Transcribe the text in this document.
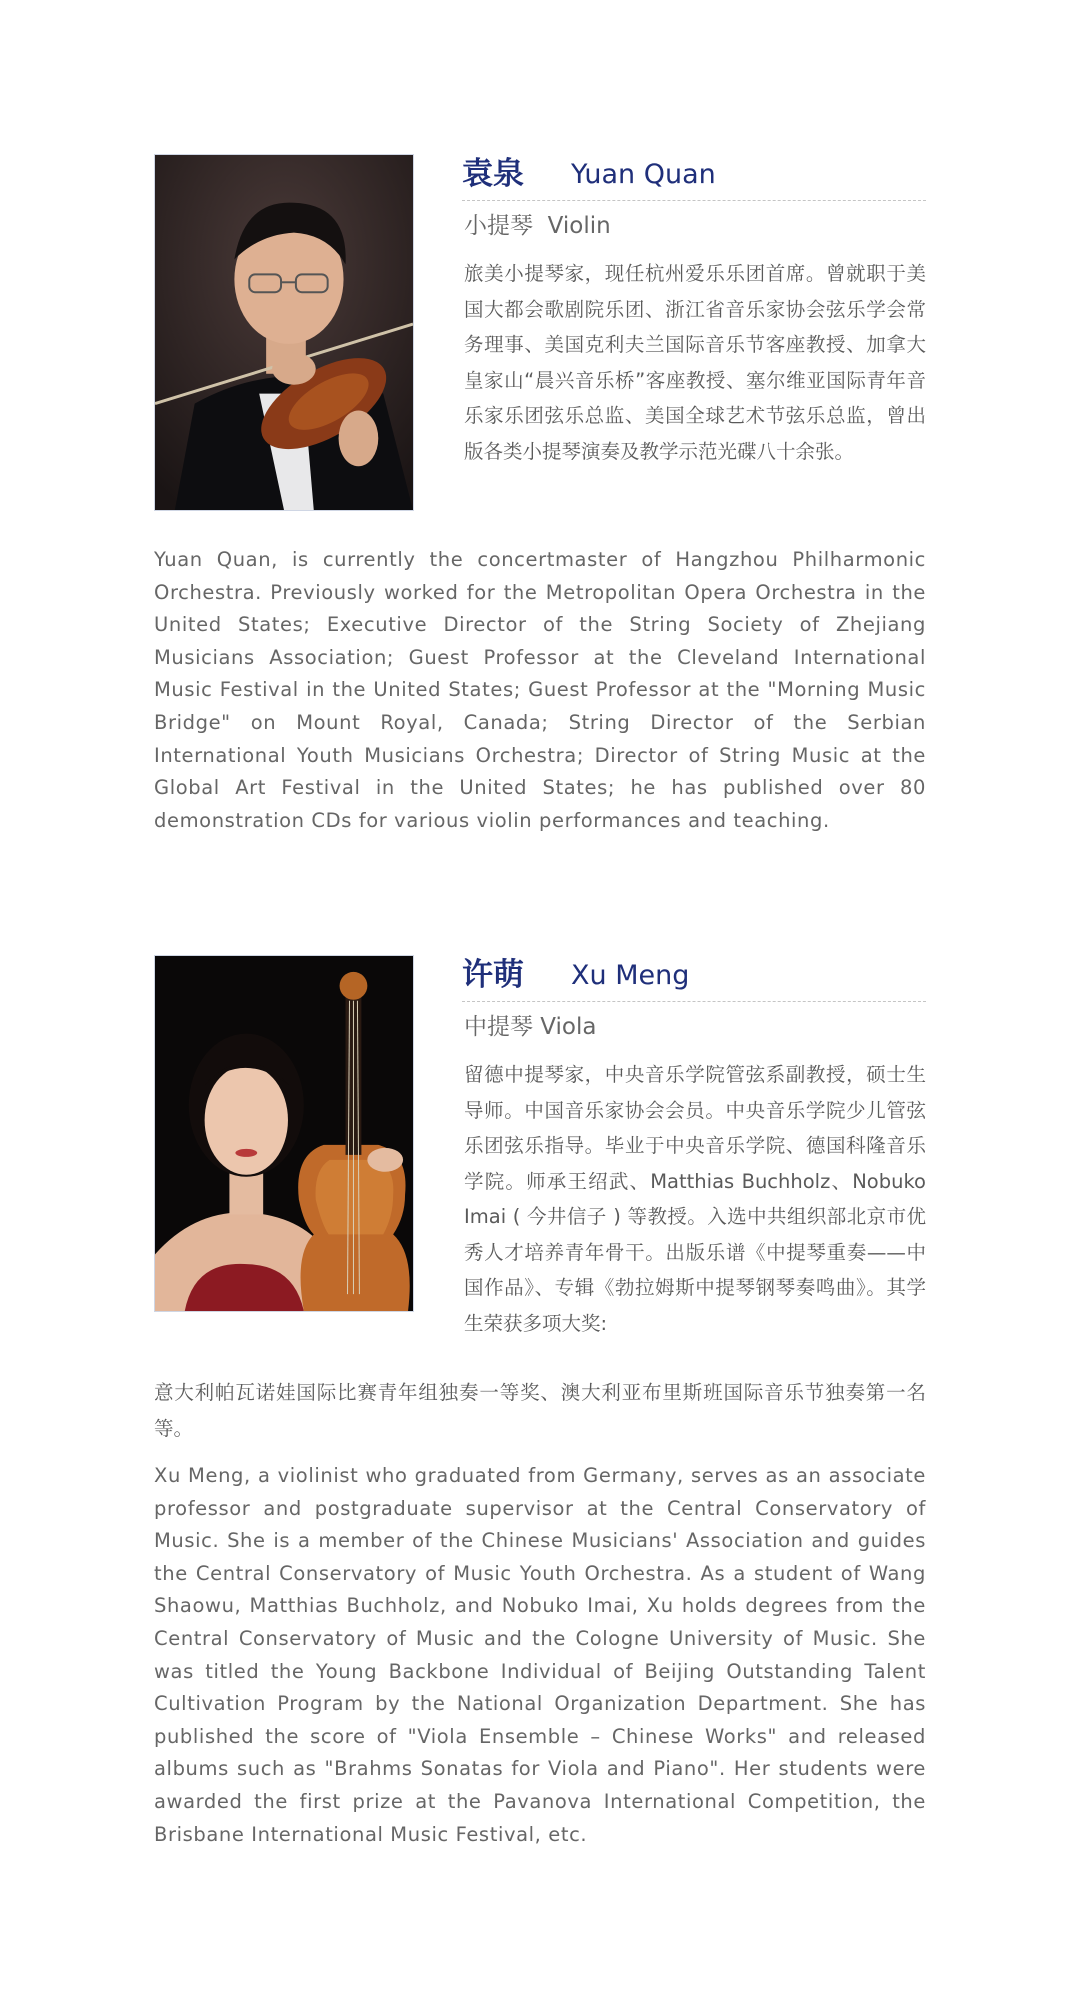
袁泉 Yuan Quan
小提琴  Violin

旅美小提琴家，现任杭州爱乐乐团首席。曾就职于美国大都会歌剧院乐团、浙江省音乐家协会弦乐学会常务理事、美国克利夫兰国际音乐节客座教授、加拿大皇家山“晨兴音乐桥”客座教授、塞尔维亚国际青年音乐家乐团弦乐总监、美国全球艺术节弦乐总监，曾出版各类小提琴演奏及教学示范光碟八十余张。

Yuan Quan, is currently the concertmaster of Hangzhou Philharmonic Orchestra. Previously worked for the Metropolitan Opera Orchestra in the United States; Executive Director of the String Society of Zhejiang Musicians Association; Guest Professor at the Cleveland International Music Festival in the United States; Guest Professor at the "Morning Music Bridge" on Mount Royal, Canada; String Director of the Serbian International Youth Musicians Orchestra; Director of String Music at the Global Art Festival in the United States; he has published over 80 demonstration CDs for various violin performances and teaching.

许萌 Xu Meng
中提琴 Viola

留德中提琴家，中央音乐学院管弦系副教授，硕士生导师。中国音乐家协会会员。中央音乐学院少儿管弦乐团弦乐指导。毕业于中央音乐学院、德国科隆音乐学院。师承王绍武、Matthias Buchholz、Nobuko Imai ( 今井信子 ) 等教授。入选中共组织部北京市优秀人才培养青年骨干。出版乐谱《中提琴重奏——中国作品》、专辑《勃拉姆斯中提琴钢琴奏鸣曲》。其学生荣获多项大奖:

意大利帕瓦诺娃国际比赛青年组独奏一等奖、澳大利亚布里斯班国际音乐节独奏第一名等。

Xu Meng, a violinist who graduated from Germany, serves as an associate professor and postgraduate supervisor at the Central Conservatory of Music. She is a member of the Chinese Musicians' Association and guides the Central Conservatory of Music Youth Orchestra. As a student of Wang Shaowu, Matthias Buchholz, and Nobuko Imai, Xu holds degrees from the Central Conservatory of Music and the Cologne University of Music. She was titled the Young Backbone Individual of Beijing Outstanding Talent Cultivation Program by the National Organization Department. She has published the score of "Viola Ensemble – Chinese Works" and released albums such as "Brahms Sonatas for Viola and Piano". Her students were awarded the first prize at the Pavanova International Competition, the Brisbane International Music Festival, etc.
